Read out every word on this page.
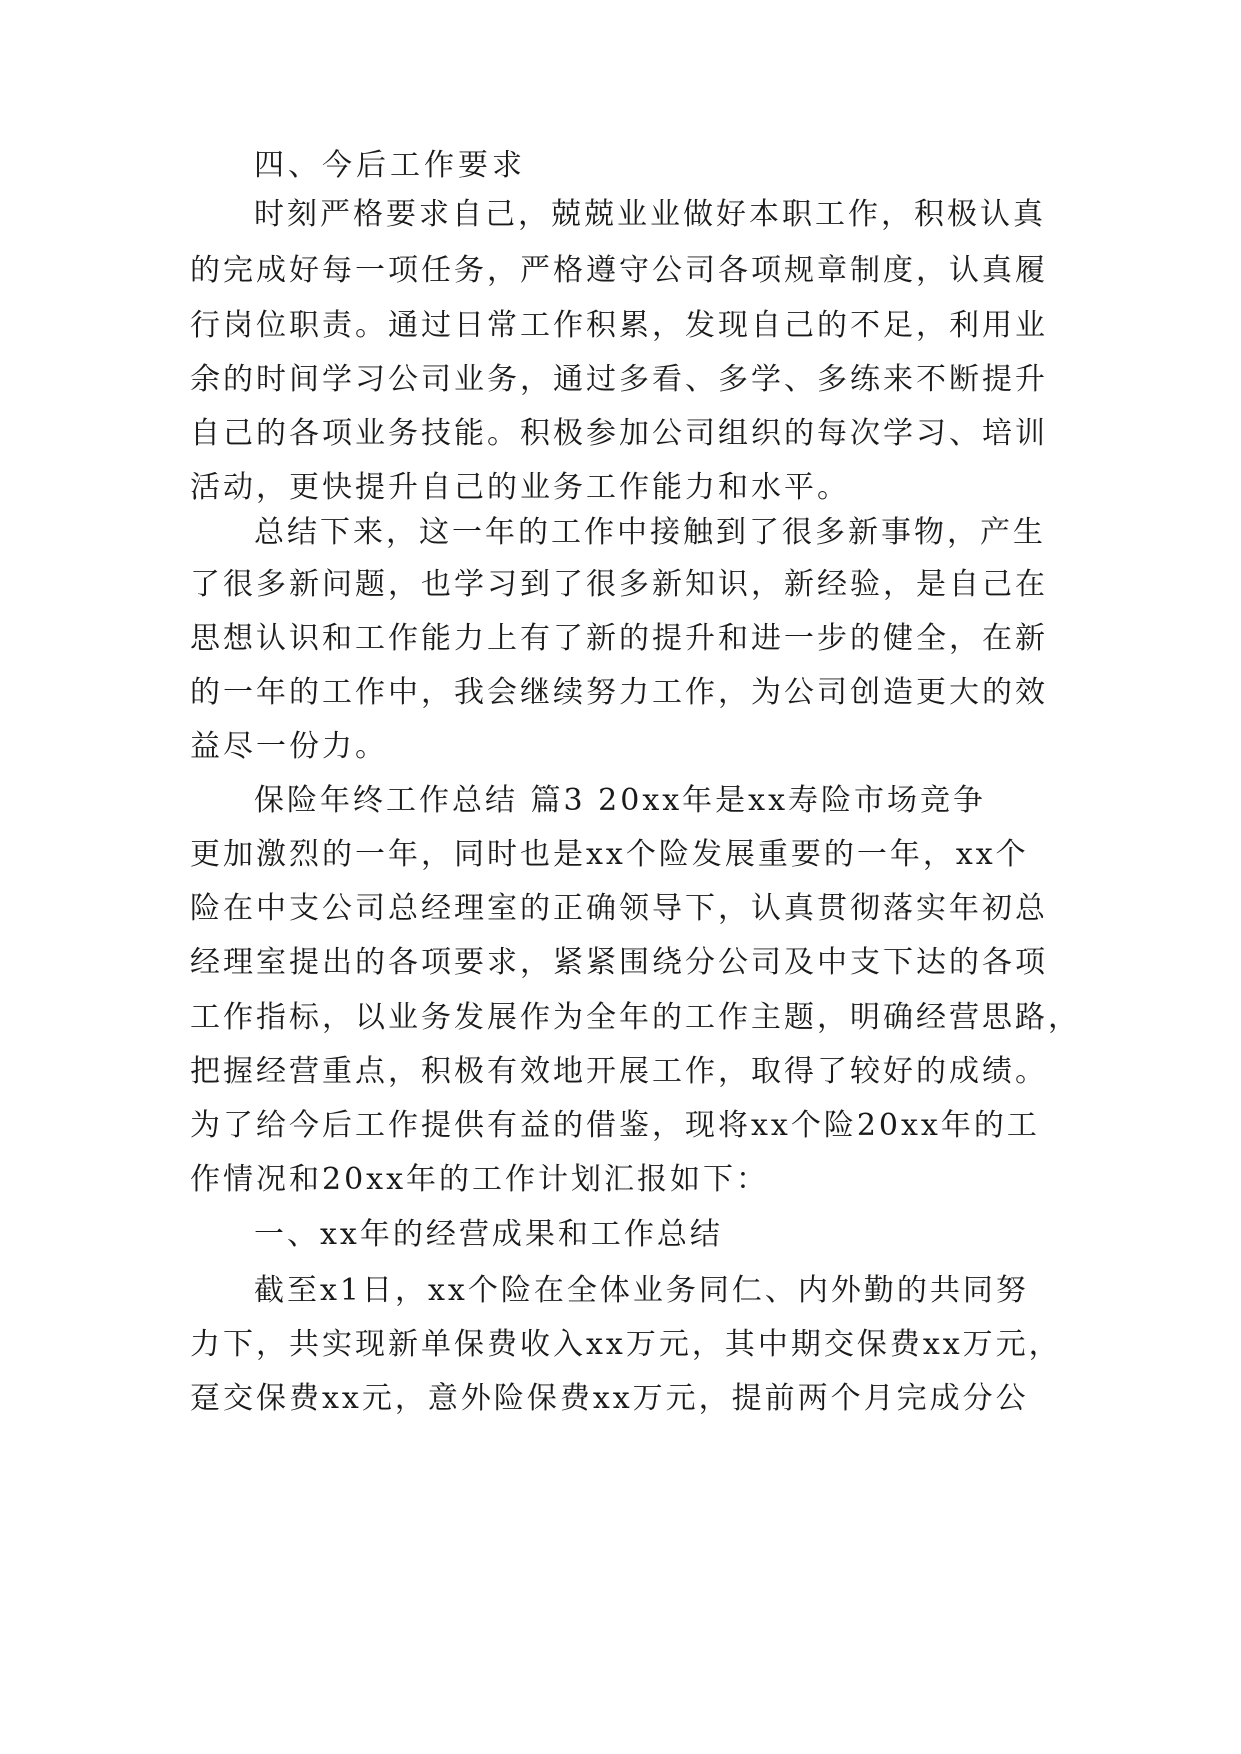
四、今后工作要求
时刻严格要求自己，兢兢业业做好本职工作，积极认真
的完成好每一项任务，严格遵守公司各项规章制度，认真履
行岗位职责。通过日常工作积累，发现自己的不足，利用业
余的时间学习公司业务，通过多看、多学、多练来不断提升
自己的各项业务技能。积极参加公司组织的每次学习、培训
活动，更快提升自己的业务工作能力和水平。
总结下来，这一年的工作中接触到了很多新事物，产生
了很多新问题，也学习到了很多新知识，新经验，是自己在
思想认识和工作能力上有了新的提升和进一步的健全，在新
的一年的工作中，我会继续努力工作，为公司创造更大的效
益尽一份力。
保险年终工作总结 篇3 20xx年是xx寿险市场竞争
更加激烈的一年，同时也是xx个险发展重要的一年，xx个
险在中支公司总经理室的正确领导下，认真贯彻落实年初总
经理室提出的各项要求，紧紧围绕分公司及中支下达的各项
工作指标，以业务发展作为全年的工作主题，明确经营思路，
把握经营重点，积极有效地开展工作，取得了较好的成绩。
为了给今后工作提供有益的借鉴，现将xx个险20xx年的工
作情况和20xx年的工作计划汇报如下：
一、xx年的经营成果和工作总结
截至x1日，xx个险在全体业务同仁、内外勤的共同努
力下，共实现新单保费收入xx万元，其中期交保费xx万元，
趸交保费xx元，意外险保费xx万元，提前两个月完成分公
